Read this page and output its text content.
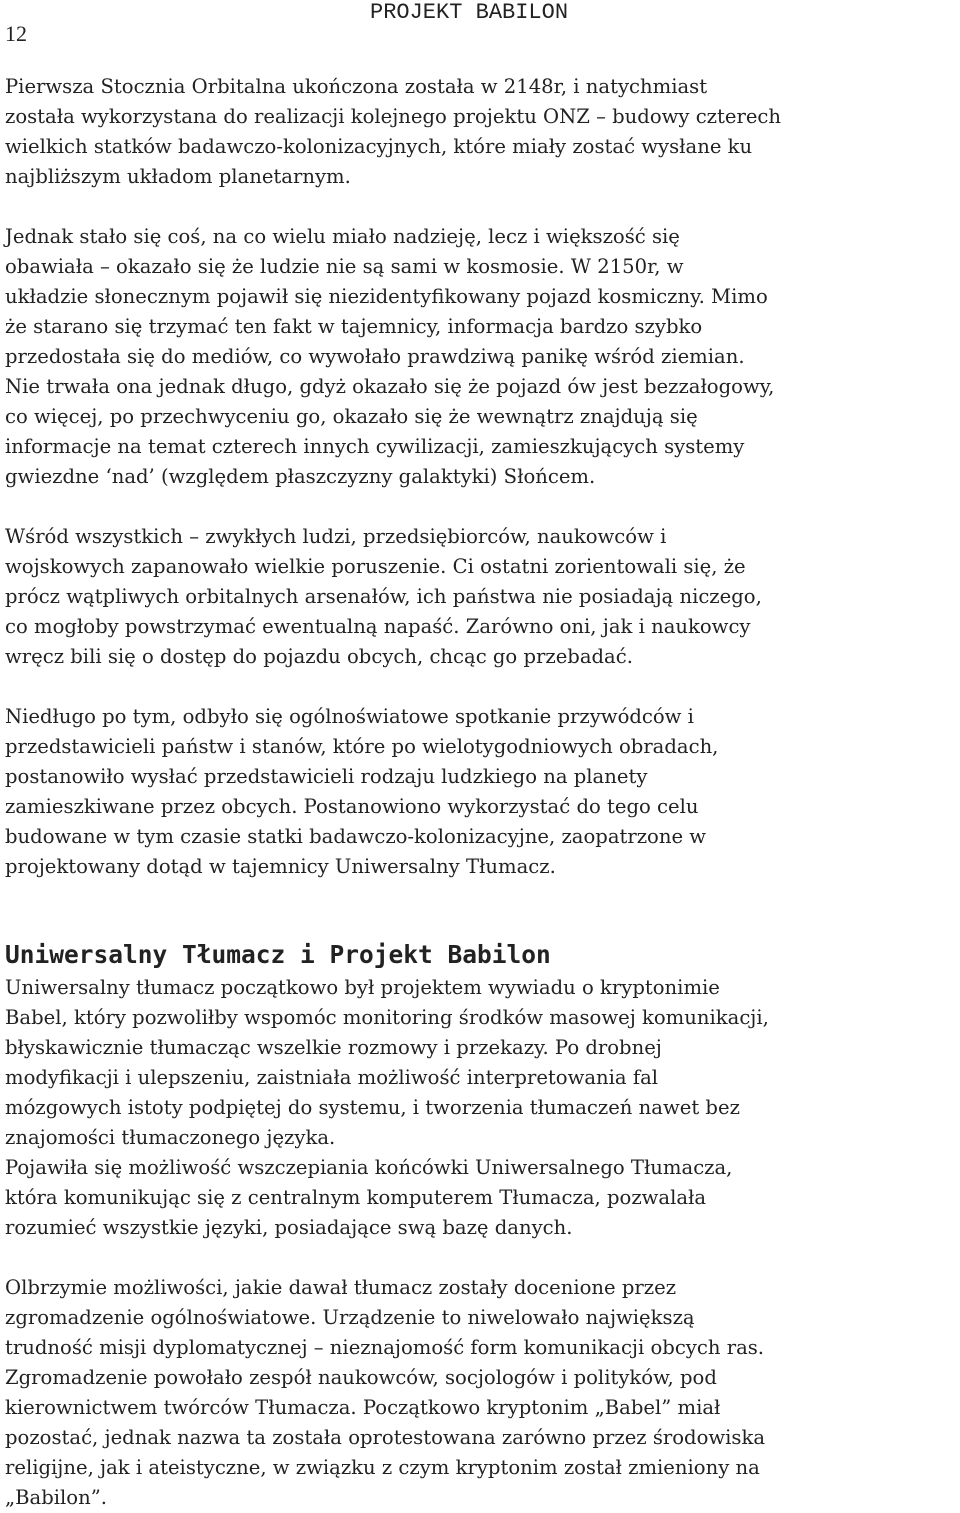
12
PROJEKT BABILON

Pierwsza Stocznia Orbitalna ukończona została w 2148r, i natychmiast
została wykorzystana do realizacji kolejnego projektu ONZ – budowy czterech
wielkich statków badawczo-kolonizacyjnych, które miały zostać wysłane ku
najbliższym układom planetarnym.

Jednak stało się coś, na co wielu miało nadzieję, lecz i większość się
obawiała – okazało się że ludzie nie są sami w kosmosie. W 2150r, w
układzie słonecznym pojawił się niezidentyfikowany pojazd kosmiczny. Mimo
że starano się trzymać ten fakt w tajemnicy, informacja bardzo szybko
przedostała się do mediów, co wywołało prawdziwą panikę wśród ziemian.
Nie trwała ona jednak długo, gdyż okazało się że pojazd ów jest bezzałogowy,
co więcej, po przechwyceniu go, okazało się że wewnątrz znajdują się
informacje na temat czterech innych cywilizacji, zamieszkujących systemy
gwiezdne ‘nad’ (względem płaszczyzny galaktyki) Słońcem.

Wśród wszystkich – zwykłych ludzi, przedsiębiorców, naukowców i
wojskowych zapanowało wielkie poruszenie. Ci ostatni zorientowali się, że
prócz wątpliwych orbitalnych arsenałów, ich państwa nie posiadają niczego,
co mogłoby powstrzymać ewentualną napaść. Zarówno oni, jak i naukowcy
wręcz bili się o dostęp do pojazdu obcych, chcąc go przebadać.

Niedługo po tym, odbyło się ogólnoświatowe spotkanie przywódców i
przedstawicieli państw i stanów, które po wielotygodniowych obradach,
postanowiło wysłać przedstawicieli rodzaju ludzkiego na planety
zamieszkiwane przez obcych. Postanowiono wykorzystać do tego celu
budowane w tym czasie statki badawczo-kolonizacyjne, zaopatrzone w
projektowany dotąd w tajemnicy Uniwersalny Tłumacz.

Uniwersalny Tłumacz i Projekt Babilon

Uniwersalny tłumacz początkowo był projektem wywiadu o kryptonimie
Babel, który pozwoliłby wspomóc monitoring środków masowej komunikacji,
błyskawicznie tłumacząc wszelkie rozmowy i przekazy. Po drobnej
modyfikacji i ulepszeniu, zaistniała możliwość interpretowania fal
mózgowych istoty podpiętej do systemu, i tworzenia tłumaczeń nawet bez
znajomości tłumaczonego języka.
Pojawiła się możliwość wszczepiania końcówki Uniwersalnego Tłumacza,
która komunikując się z centralnym komputerem Tłumacza, pozwalała
rozumieć wszystkie języki, posiadające swą bazę danych.

Olbrzymie możliwości, jakie dawał tłumacz zostały docenione przez
zgromadzenie ogólnoświatowe. Urządzenie to niwelowało największą
trudność misji dyplomatycznej – nieznajomość form komunikacji obcych ras.
Zgromadzenie powołało zespół naukowców, socjologów i polityków, pod
kierownictwem twórców Tłumacza. Początkowo kryptonim „Babel” miał
pozostać, jednak nazwa ta została oprotestowana zarówno przez środowiska
religijne, jak i ateistyczne, w związku z czym kryptonim został zmieniony na
„Babilon”.
